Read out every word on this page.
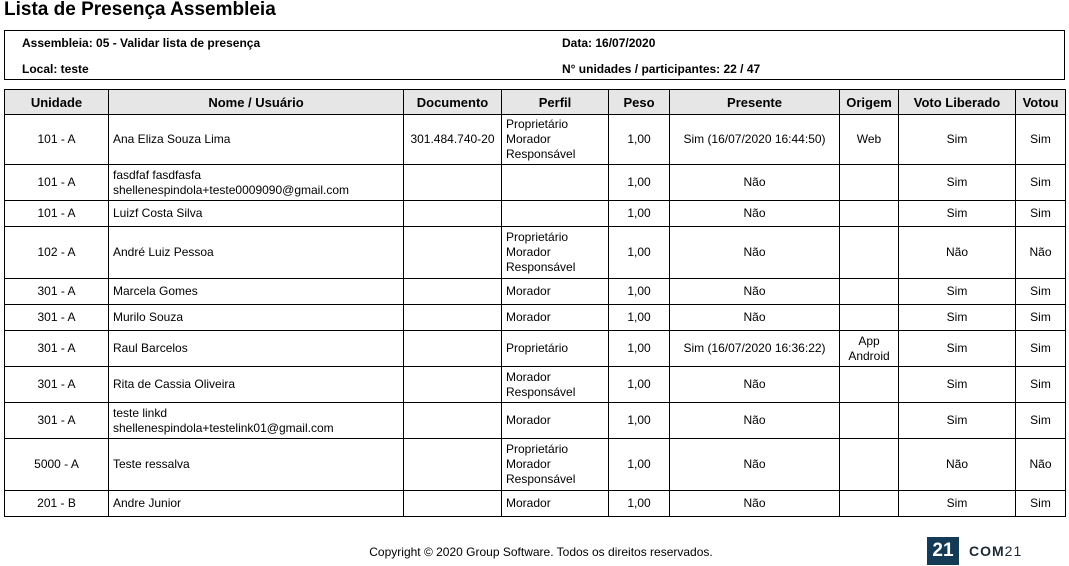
Lista de Presença Assembleia
Assembleia: 05 - Validar lista de presença	Data: 16/07/2020
Local: teste	N° unidades / participantes: 22 / 47
Unidade	Nome / Usuário	Documento	Perfil	Peso	Presente	Origem	Voto Liberado	Votou
101 - A	Ana Eliza Souza Lima	301.484.740-20	Proprietário
Morador
Responsável	1,00	Sim (16/07/2020 16:44:50)	Web	Sim	Sim
101 - A	fasdfaf fasdfasfa
shellenespindola+teste0009090@gmail.com			1,00	Não		Sim	Sim
101 - A	Luizf Costa Silva			1,00	Não		Sim	Sim
102 - A	André Luiz Pessoa		Proprietário
Morador
Responsável	1,00	Não		Não	Não
301 - A	Marcela Gomes		Morador	1,00	Não		Sim	Sim
301 - A	Murilo Souza		Morador	1,00	Não		Sim	Sim
301 - A	Raul Barcelos		Proprietário	1,00	Sim (16/07/2020 16:36:22)	App
Android	Sim	Sim
301 - A	Rita de Cassia Oliveira		Morador
Responsável	1,00	Não		Sim	Sim
301 - A	teste linkd
shellenespindola+testelink01@gmail.com		Morador	1,00	Não		Sim	Sim
5000 - A	Teste ressalva		Proprietário
Morador
Responsável	1,00	Não		Não	Não
201 - B	Andre Junior		Morador	1,00	Não		Sim	Sim
Copyright © 2020 Group Software. Todos os direitos reservados.	21	COM21
